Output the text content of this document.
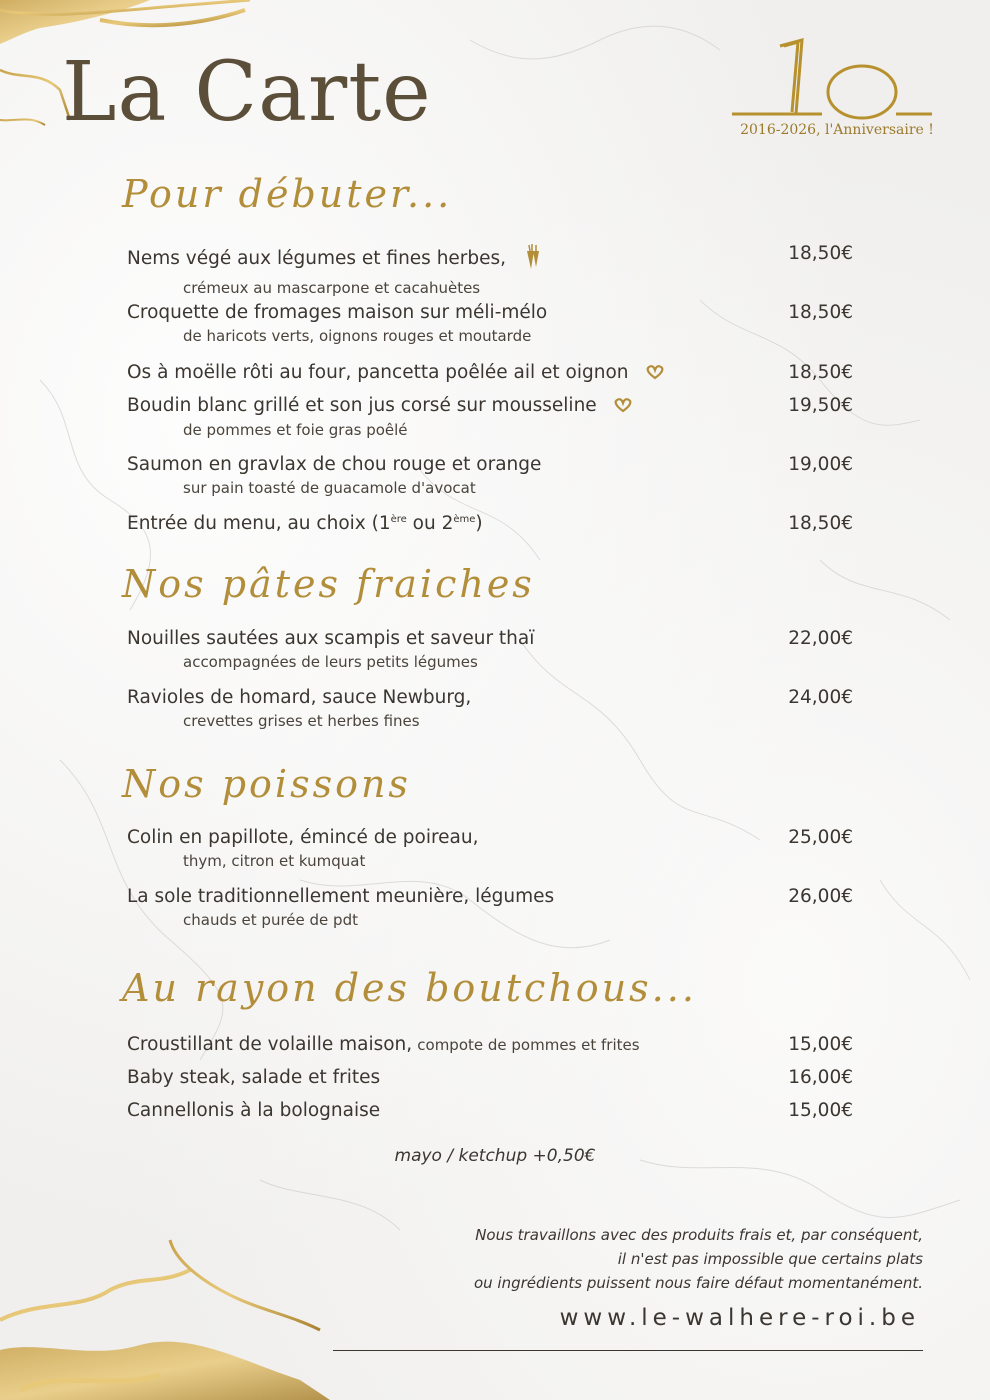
La Carte	2016-2026, l'Anniversaire !
Pour débuter...
Nems végé aux légumes et fines herbes,	18,50€
crémeux au mascarpone et cacahuètes
Croquette de fromages maison sur méli-mélo	18,50€
de haricots verts, oignons rouges et moutarde
Os à moëlle rôti au four, pancetta poêlée ail et oignon	18,50€
Boudin blanc grillé et son jus corsé sur mousseline	19,50€
de pommes et foie gras poêlé
Saumon en gravlax de chou rouge et orange	19,00€
sur pain toasté de guacamole d'avocat
Entrée du menu, au choix (1ère ou 2ème)	18,50€
Nos pâtes fraiches
Nouilles sautées aux scampis et saveur thaï	22,00€
accompagnées de leurs petits légumes
Ravioles de homard, sauce Newburg,	24,00€
crevettes grises et herbes fines
Nos poissons
Colin en papillote, émincé de poireau,	25,00€
thym, citron et kumquat
La sole traditionnellement meunière, légumes	26,00€
chauds et purée de pdt
Au rayon des boutchous...
Croustillant de volaille maison, compote de pommes et frites	15,00€
Baby steak, salade et frites	16,00€
Cannellonis à la bolognaise	15,00€
mayo / ketchup +0,50€
Nous travaillons avec des produits frais et, par conséquent,
il n'est pas impossible que certains plats
ou ingrédients puissent nous faire défaut momentanément.
www.le-walhere-roi.be
